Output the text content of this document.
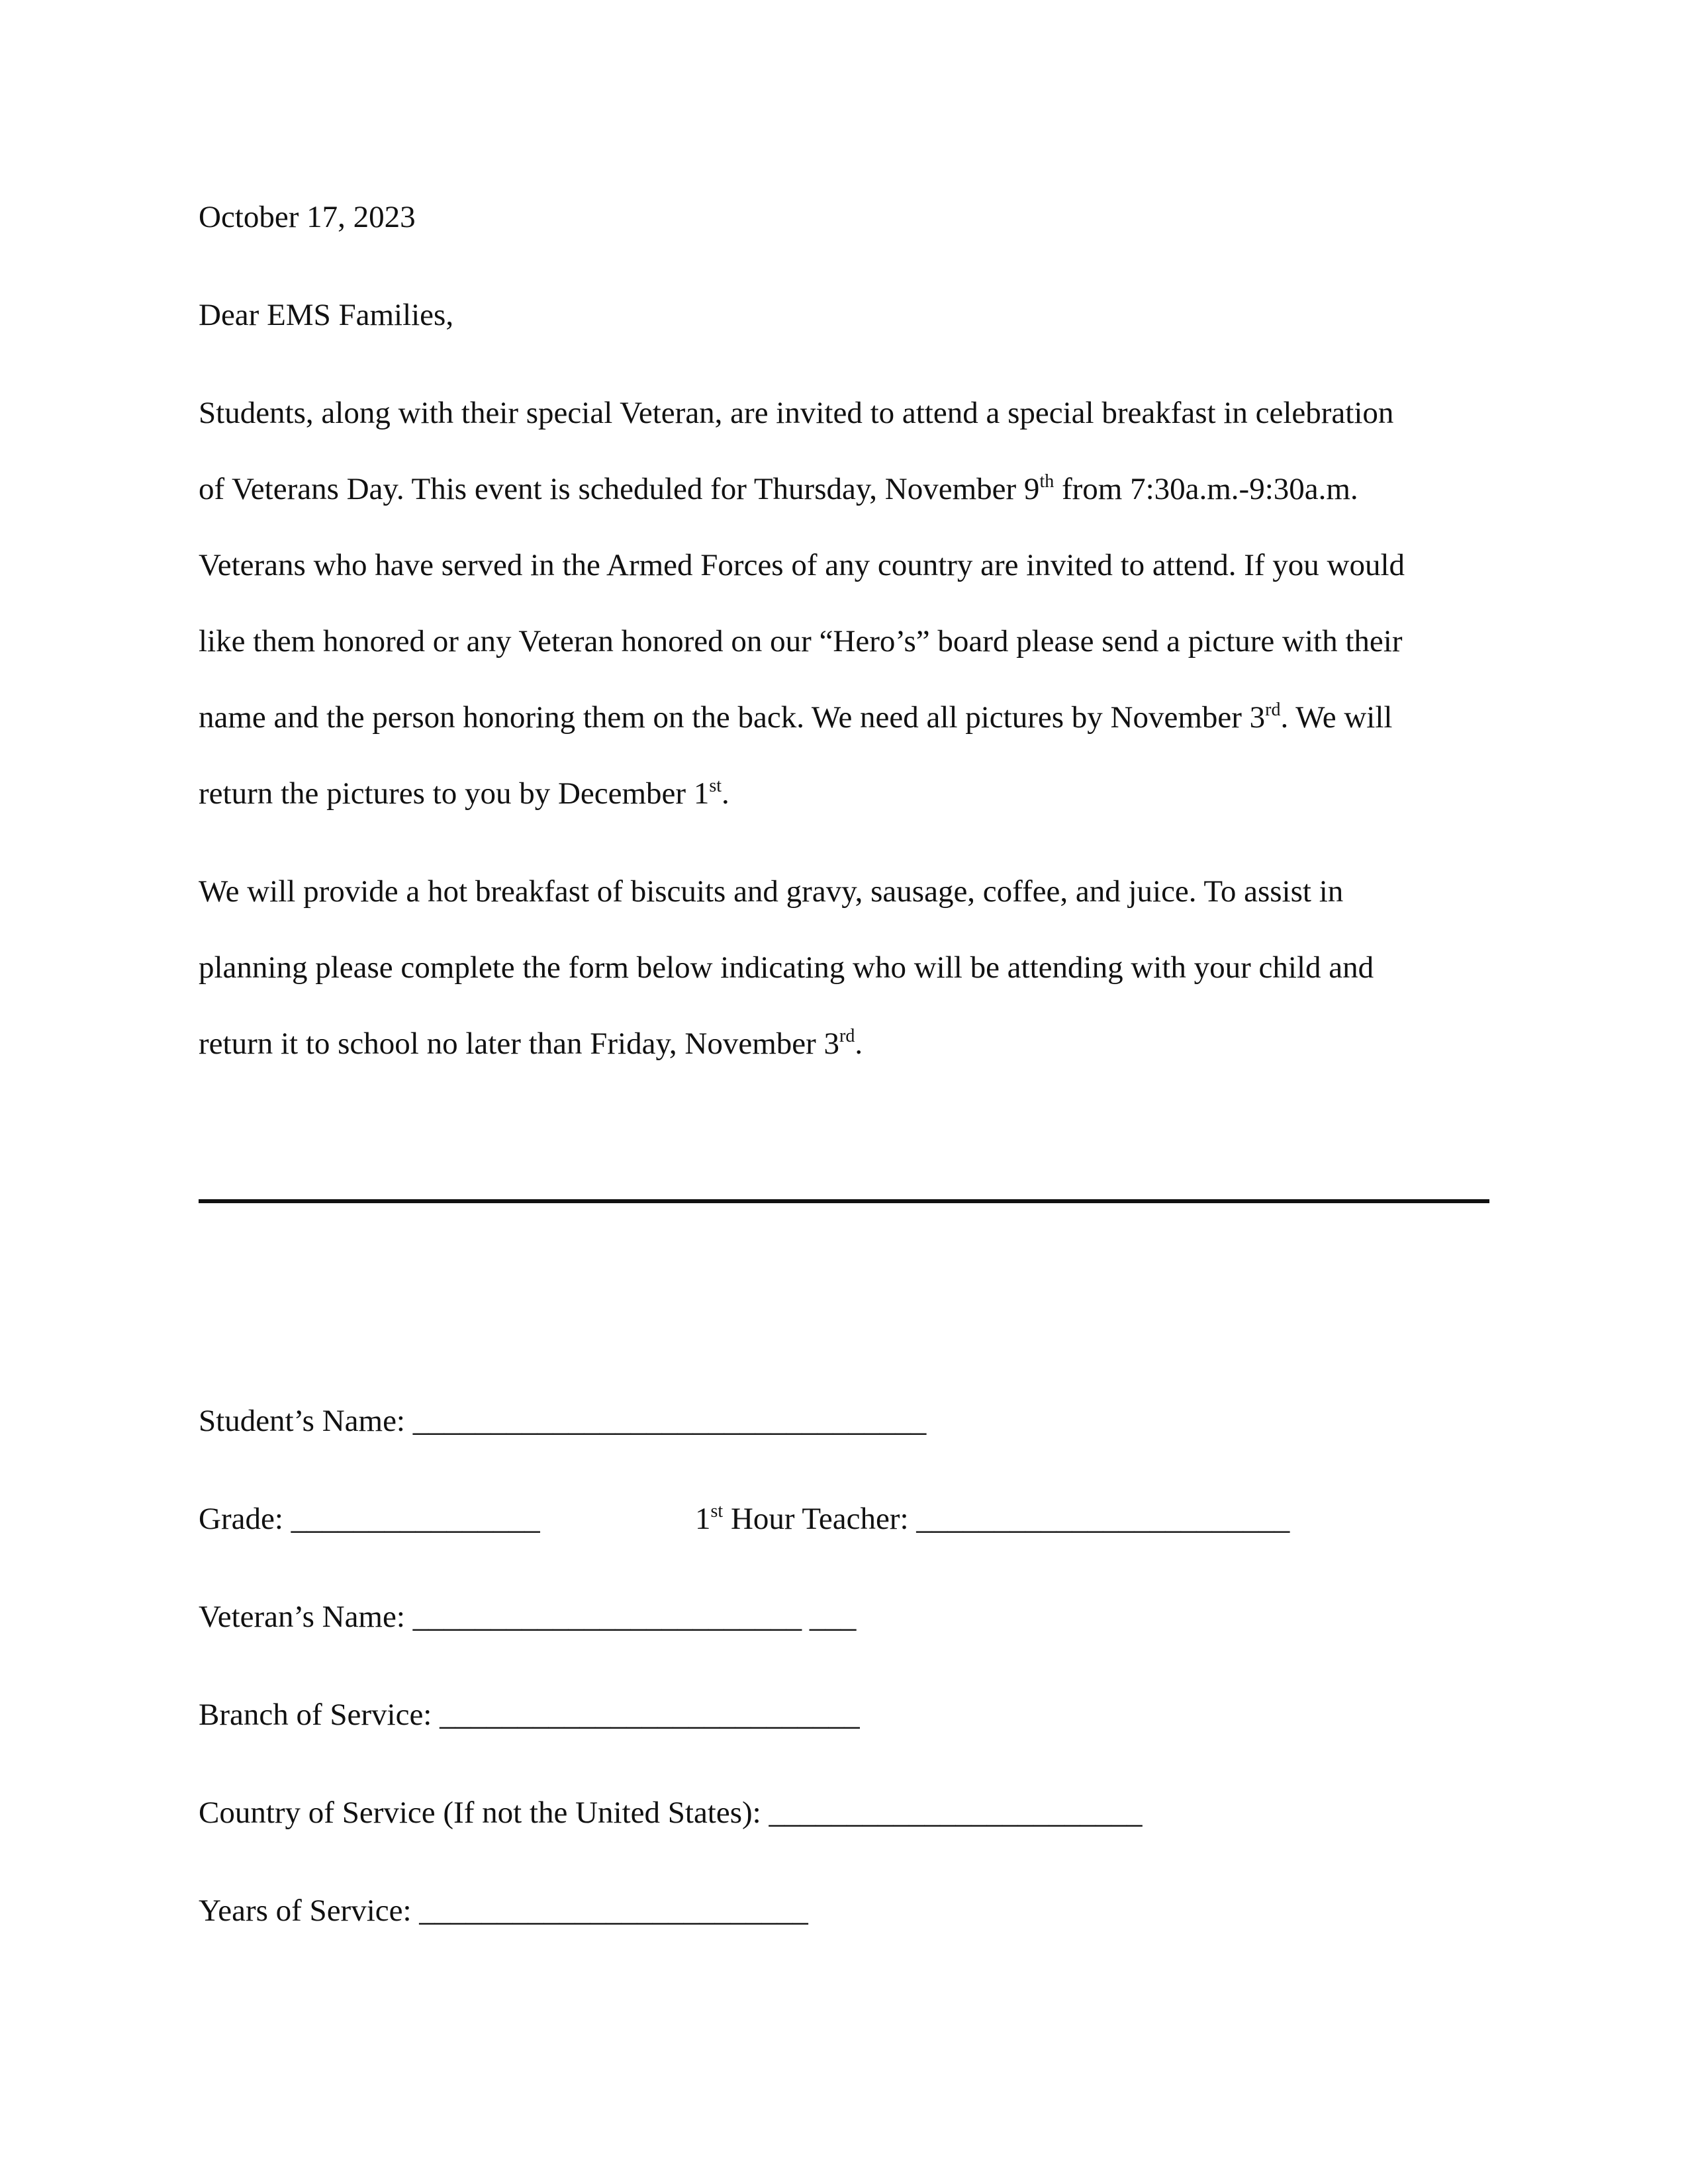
October 17, 2023
Dear EMS Families,
Students, along with their special Veteran, are invited to attend a special breakfast in celebration
of Veterans Day. This event is scheduled for Thursday, November 9th from 7:30a.m.-9:30a.m.
Veterans who have served in the Armed Forces of any country are invited to attend. If you would
like them honored or any Veteran honored on our “Hero’s” board please send a picture with their
name and the person honoring them on the back. We need all pictures by November 3rd. We will
return the pictures to you by December 1st.
We will provide a hot breakfast of biscuits and gravy, sausage, coffee, and juice. To assist in
planning please complete the form below indicating who will be attending with your child and
return it to school no later than Friday, November 3rd.
Student’s Name: _________________________________
Grade: ________________	1st Hour Teacher: ________________________
Veteran’s Name: _________________________ ___
Branch of Service: ___________________________
Country of Service (If not the United States): ________________________
Years of Service: _________________________
